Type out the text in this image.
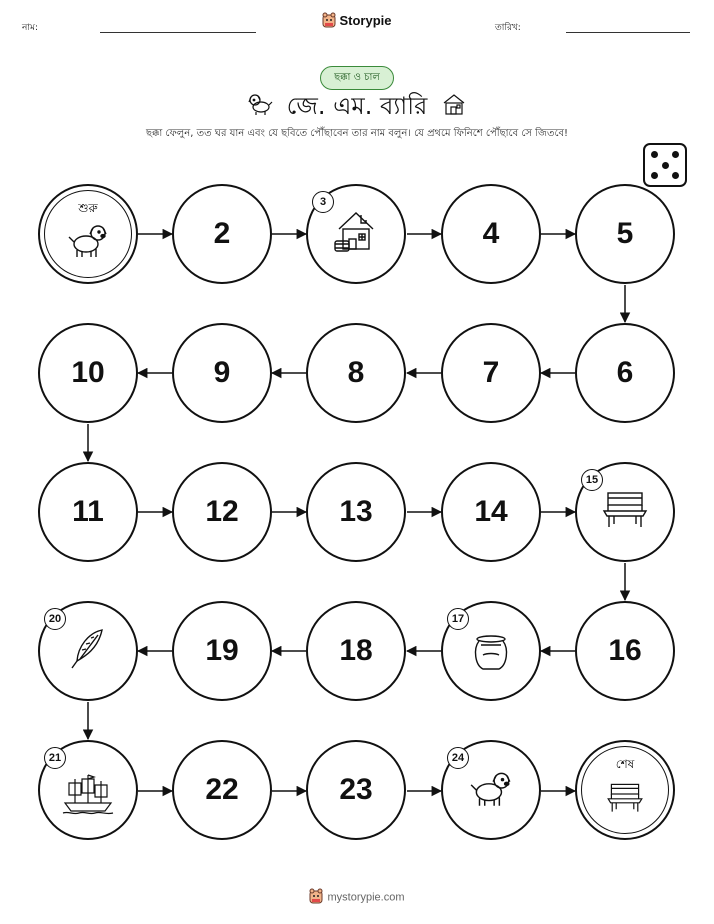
নাম:
Storypie
তারিখ:
ছক্কা ও চাল
জে. এম. ব্যারি
ছক্কা ফেলুন, তত ঘর যান এবং যে ছবিতে পৌঁছাবেন তার নাম বলুন। যে প্রথমে ফিনিশে পৌঁছাবে সে জিতবে!
শুরু
2
3
4	5
10	9	8	7	6
11	12	13	14
15
20
19	18
17
16
21
22	23
24	শেষ
mystorypie.com
